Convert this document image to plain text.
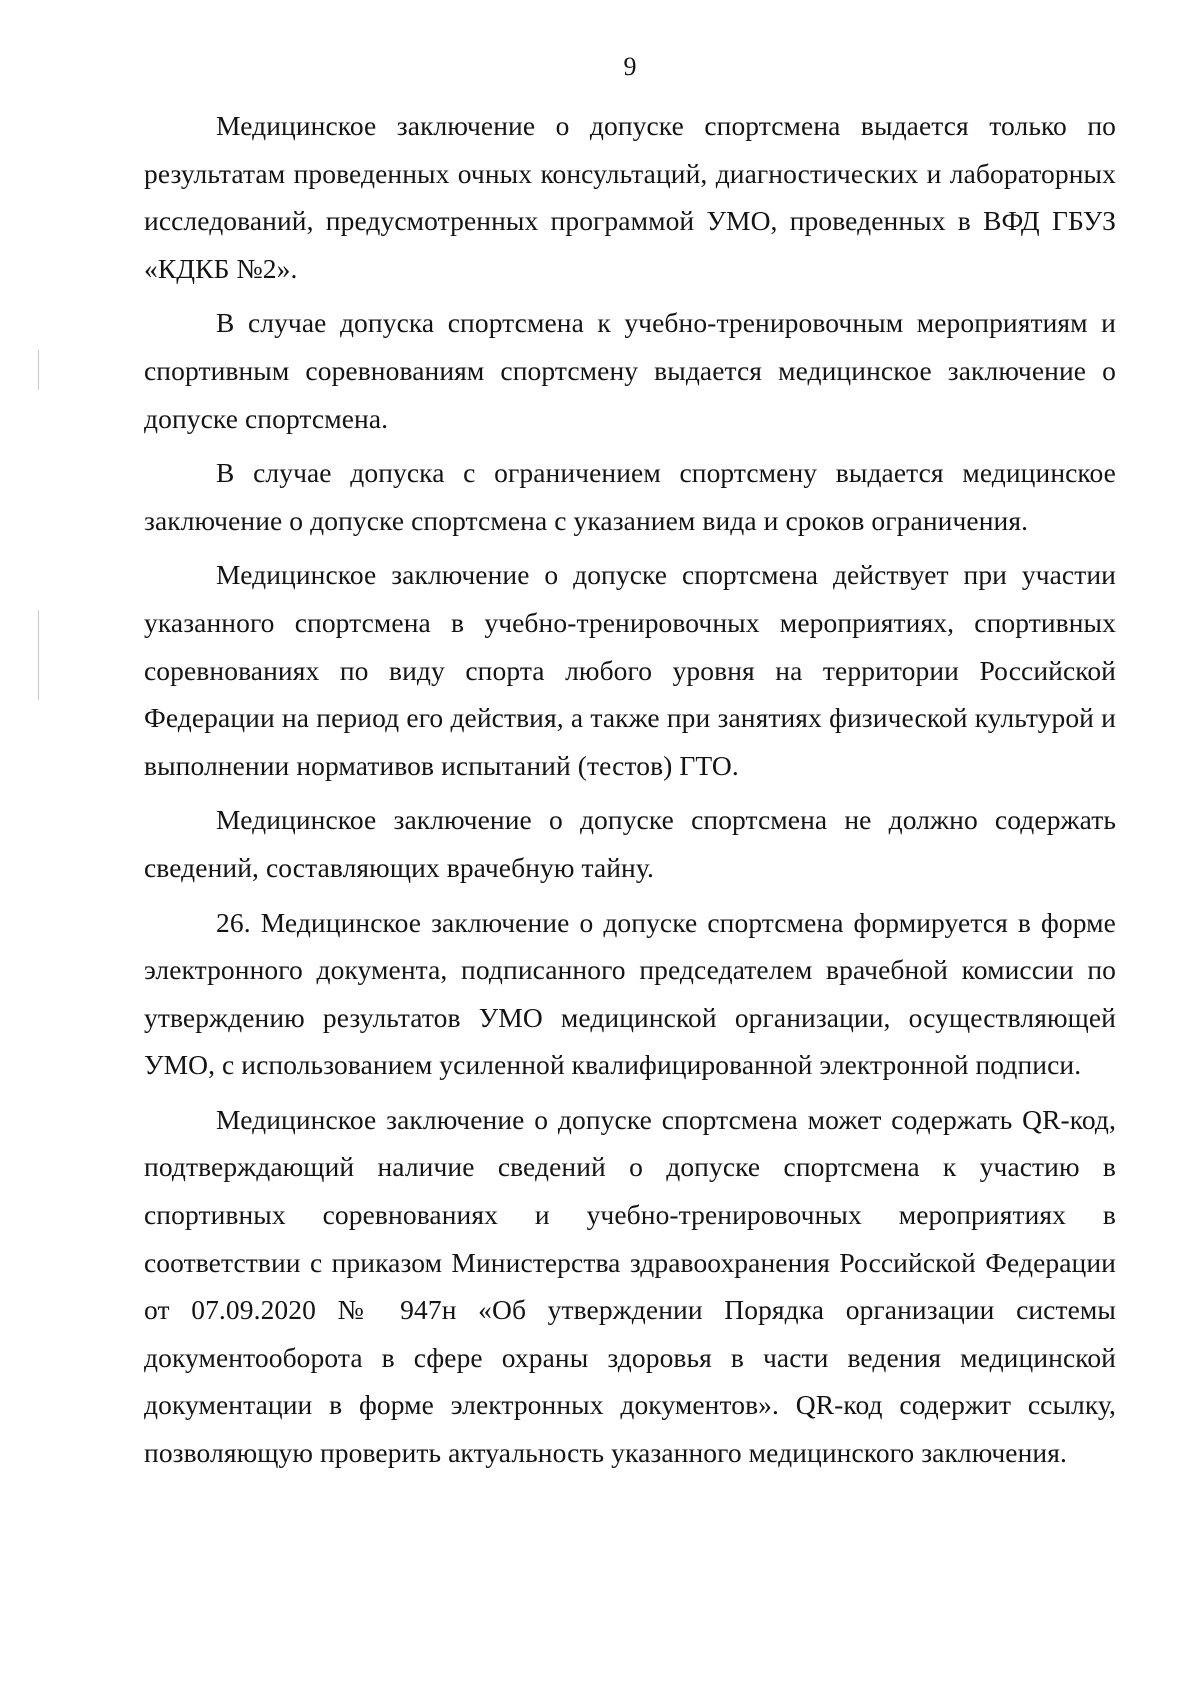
9

Медицинское заключение о допуске спортсмена выдается только по результатам проведенных очных консультаций, диагностических и лабораторных исследований, предусмотренных программой УМО, проведенных в ВФД ГБУЗ «КДКБ №2».

В случае допуска спортсмена к учебно-тренировочным мероприятиям и спортивным соревнованиям спортсмену выдается медицинское заключение о допуске спортсмена.

В случае допуска с ограничением спортсмену выдается медицинское заключение о допуске спортсмена с указанием вида и сроков ограничения.

Медицинское заключение о допуске спортсмена действует при участии указанного спортсмена в учебно-тренировочных мероприятиях, спортивных соревнованиях по виду спорта любого уровня на территории Российской Федерации на период его действия, а также при занятиях физической культурой и выполнении нормативов испытаний (тестов) ГТО.

Медицинское заключение о допуске спортсмена не должно содержать сведений, составляющих врачебную тайну.

26. Медицинское заключение о допуске спортсмена формируется в форме электронного документа, подписанного председателем врачебной комиссии по утверждению результатов УМО медицинской организации, осуществляющей УМО, с использованием усиленной квалифицированной электронной подписи.

Медицинское заключение о допуске спортсмена может содержать QR-код, подтверждающий наличие сведений о допуске спортсмена к участию в спортивных соревнованиях и учебно-тренировочных мероприятиях в соответствии с приказом Министерства здравоохранения Российской Федерации от 07.09.2020 № 947н «Об утверждении Порядка организации системы документооборота в сфере охраны здоровья в части ведения медицинской документации в форме электронных документов». QR-код содержит ссылку, позволяющую проверить актуальность указанного медицинского заключения.
